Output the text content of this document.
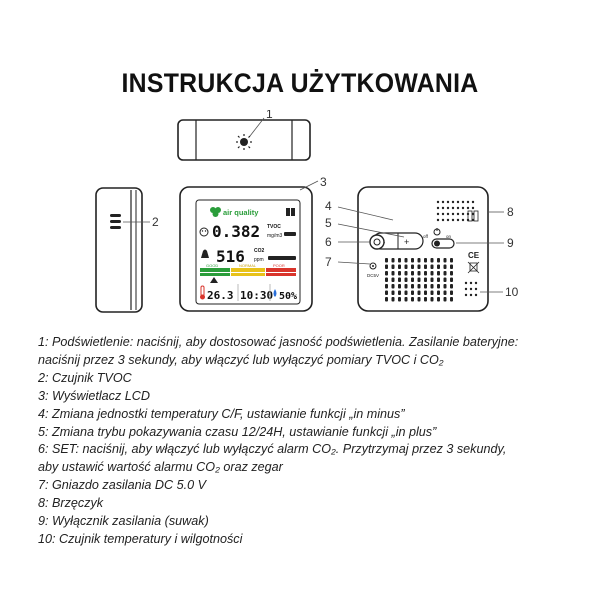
INSTRUKCJA UŻYTKOWANIA
1
2
air quality
0.382 TVOC
mg/m3
516 CO2
ppm
GOOD	NORMAL	POOR
26.3 10:30 50%
3
+
DC5V
off	on
CE
4
5
6
7
8
9
10
1: Podświetlenie: naciśnij, aby dostosować jasność podświetlenia. Zasilanie bateryjne:
naciśnij przez 3 sekundy, aby włączyć lub wyłączyć pomiary TVOC i CO₂
2: Czujnik TVOC
3: Wyświetlacz LCD
4: Zmiana jednostki temperatury C/F, ustawianie funkcji „in minus”
5: Zmiana trybu pokazywania czasu 12/24H, ustawianie funkcji „in plus”
6: SET: naciśnij, aby włączyć lub wyłączyć alarm CO₂. Przytrzymaj przez 3 sekundy,
aby ustawić wartość alarmu CO₂ oraz zegar
7: Gniazdo zasilania DC 5.0 V
8: Brzęczyk
9: Wyłącznik zasilania (suwak)
10: Czujnik temperatury i wilgotności
